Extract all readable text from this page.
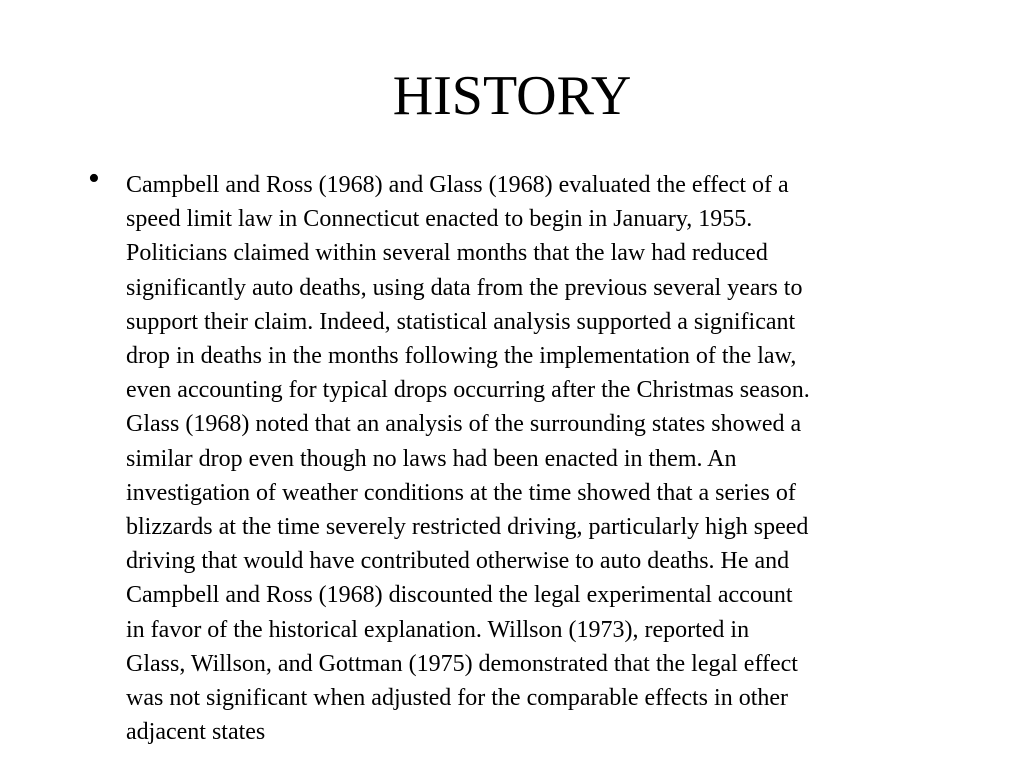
HISTORY
• Campbell and Ross (1968) and Glass (1968) evaluated the effect of a
speed limit law in Connecticut enacted to begin in January, 1955.
Politicians claimed within several months that the law had reduced
significantly auto deaths, using data from the previous several years to
support their claim. Indeed, statistical analysis supported a significant
drop in deaths in the months following the implementation of the law,
even accounting for typical drops occurring after the Christmas season.
Glass (1968) noted that an analysis of the surrounding states showed a
similar drop even though no laws had been enacted in them. An
investigation of weather conditions at the time showed that a series of
blizzards at the time severely restricted driving, particularly high speed
driving that would have contributed otherwise to auto deaths. He and
Campbell and Ross (1968) discounted the legal experimental account
in favor of the historical explanation. Willson (1973), reported in
Glass, Willson, and Gottman (1975) demonstrated that the legal effect
was not significant when adjusted for the comparable effects in other
adjacent states
